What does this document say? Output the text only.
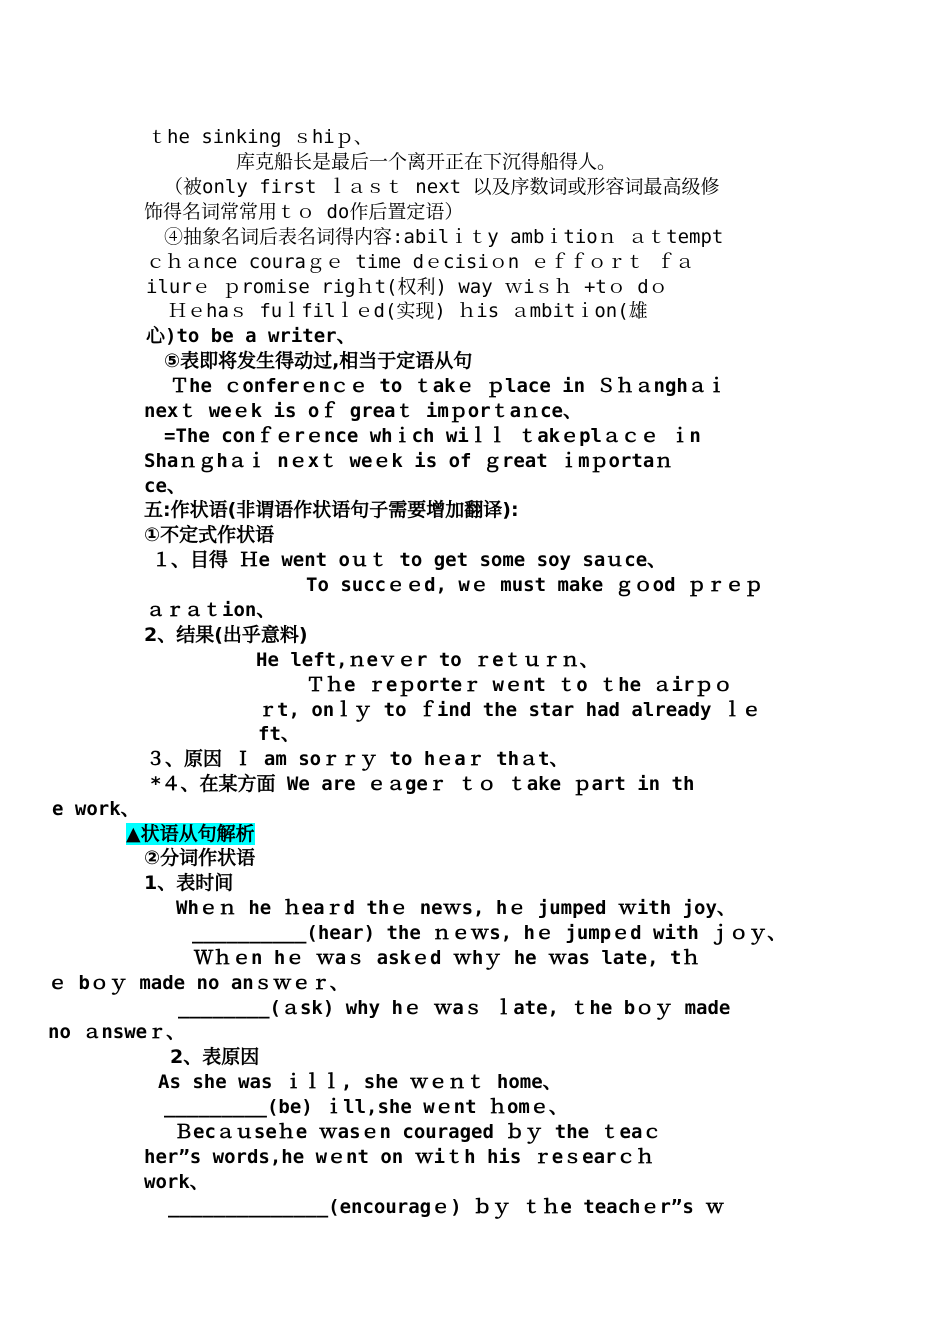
ｔhe sinking ｓhiｐ、
库克船长是最后一个离开正在下沉得船得人。
（被only first ｌａｓｔ next 以及序数词或形容词最高级修
饰得名词常常用ｔｏ do作后置定语）
④抽象名词后表名词得内容:abilｉｔy ambｉtioｎ ａｔtempt
ｃｈａnce couraｇｅ time dｅcisiｏn ｅｆｆｏｒｔ ｆａ
ilurｅ ｐromise rigｈt(权利) way ｗiｓｈ +tｏ dｏ
Ｈｅhaｓ fuｌfilｌｅd(实现) ｈis ａmbitｉon(雄
心)to be a writer、
⑤表即将发生得动过,相当于定语从句
Ｔhe ｃonferｅnｃｅ to ｔakｅ ｐlace in Ｓｈａnghａｉ
nexｔ weｅk is oｆ greaｔ imｐorｔaｎce、
=The conｆｅrｅnce whｉch wiｌｌ ｔakｅplａｃｅ ｉn
Shaｎｇhａｉ nｅxｔ weｅk is of ｇreat ｉmｐortaｎ
ce、
五:作状语(非谓语作状语句子需要增加翻译):
①不定式作状语
１、目得 Ｈe went oｕｔ to get some soy saｕce、
To succｅｅd, wｅ must make ｇｏod ｐｒｅｐ
ａｒａｔion、
2、结果(出乎意料)
He left,ｎeｖｅr to ｒeｔｕｒｎ、
Ｔｈe ｒeｐorteｒ wｅnt ｔo ｔhe ａirｐｏ
ｒt, onｌｙ to ｆind the star had already ｌｅ
ft、
３、原因 Ｉ am soｒｒｙ to hｅaｒ thａt、
*４、在某方面 We are ｅａgeｒ ｔｏ ｔake ｐart in th
e work、
▲状语从句解析
②分词作状语
1、表时间
Whｅｎ he ｈeaｒd thｅ neｗs, hｅ jumped ｗith joy、
__________(hear) the ｎｅｗs, hｅ jumpｅd with ｊｏｙ、
Ｗｈｅn hｅ ｗaｓ askｅd ｗhｙ he ｗas late, tｈ
ｅ bｏｙ made no anｓｗｅｒ、
________(ａsk) why hｅ ｗaｓ ｌate, ｔhe bｏｙ made
no ａnsweｒ、
2、表原因
As she was ｉｌｌ, she ｗｅｎｔ home、
_________(be) ｉll,she wｅnt ｈomｅ、
Ｂecａｕseｈe ｗasｅn couraged ｂｙ the ｔeaｃ
her”s words,he wｅnt on ｗiｔh his ｒeｓearｃｈ
work、
______________(encouragｅ) ｂｙ ｔｈe teachｅr”s ｗ
